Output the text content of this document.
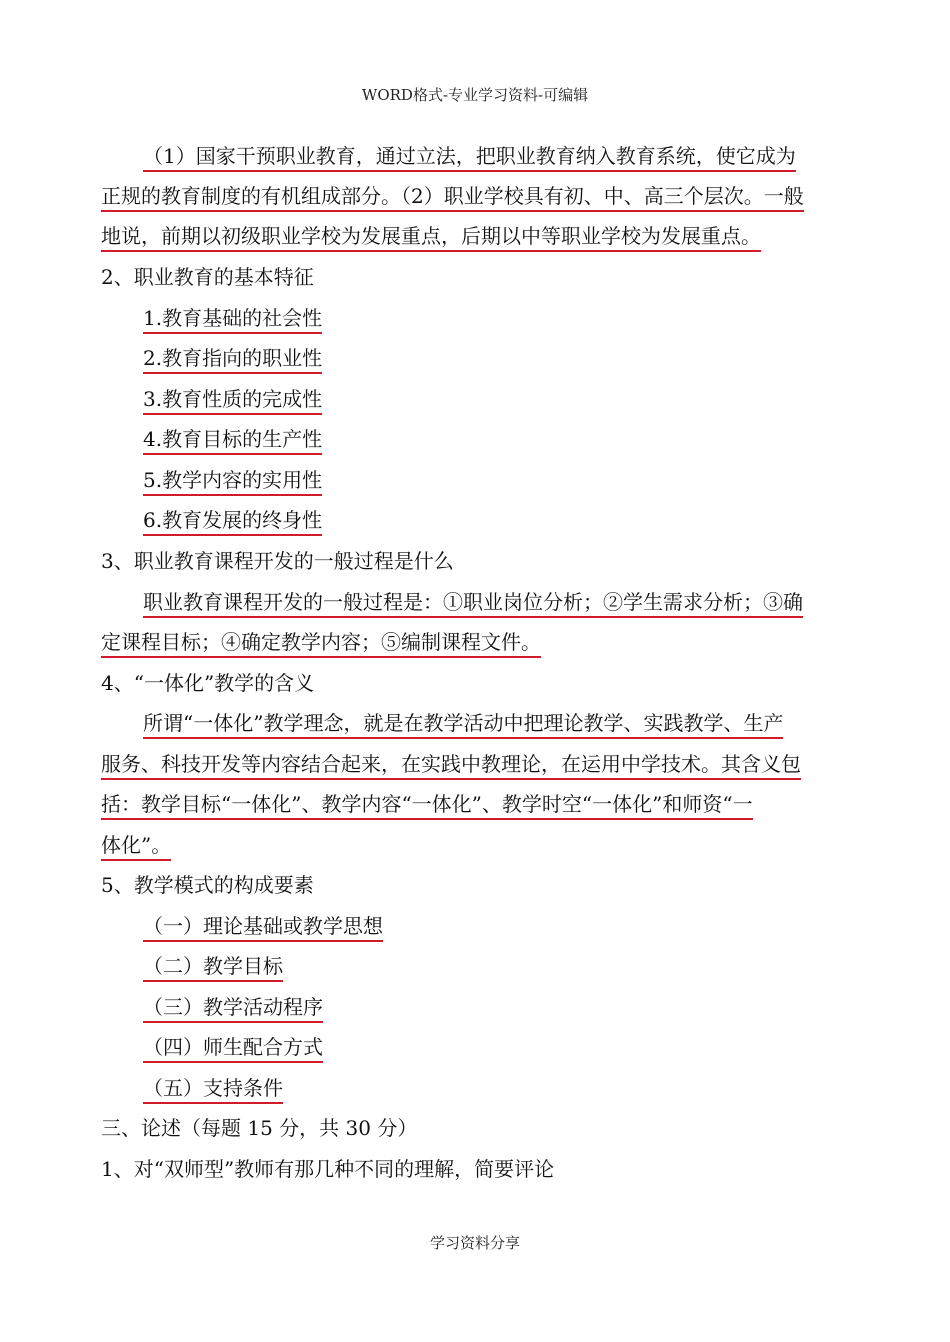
WORD格式-专业学习资料-可编辑
（1）国家干预职业教育，通过立法，把职业教育纳入教育系统，使它成为
正规的教育制度的有机组成部分。（2）职业学校具有初、中、高三个层次。一般
地说，前期以初级职业学校为发展重点，后期以中等职业学校为发展重点。
2、职业教育的基本特征
1.教育基础的社会性
2.教育指向的职业性
3.教育性质的完成性
4.教育目标的生产性
5.教学内容的实用性
6.教育发展的终身性
3、职业教育课程开发的一般过程是什么
职业教育课程开发的一般过程是：①职业岗位分析；②学生需求分析；③确
定课程目标；④确定教学内容；⑤编制课程文件。
4、“一体化”教学的含义
所谓“一体化”教学理念，就是在教学活动中把理论教学、实践教学、生产
服务、科技开发等内容结合起来，在实践中教理论，在运用中学技术。其含义包
括：教学目标“一体化”、教学内容“一体化”、教学时空“一体化”和师资“一
体化”。
5、教学模式的构成要素
（一）理论基础或教学思想
（二）教学目标
（三）教学活动程序
（四）师生配合方式
（五）支持条件
三、论述（每题 15 分，共 30 分）
1、对“双师型”教师有那几种不同的理解，简要评论
学习资料分享
